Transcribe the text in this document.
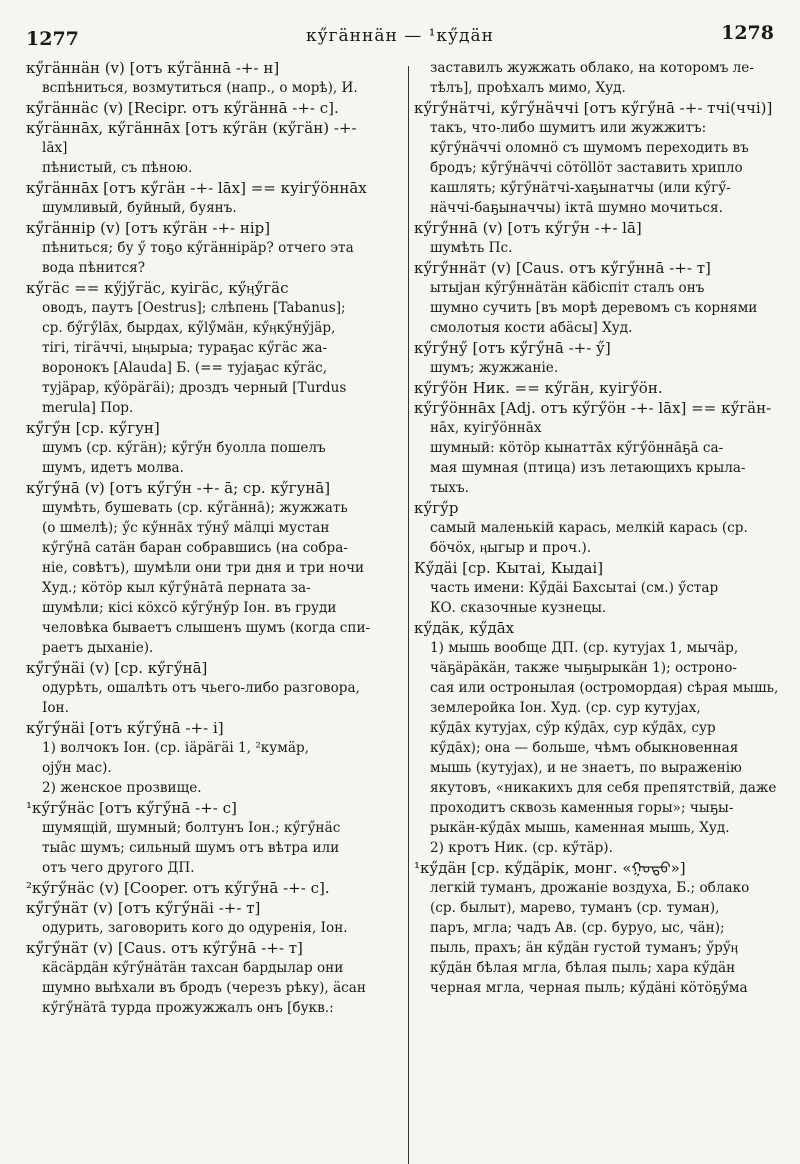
1277	кӳгäннäн — ¹кӳдäн	1278
кӳгäннäн (v) [отъ кӳгäннā -+- н]
вспѣниться, возмутиться (напр., о морѣ), И.
кӳгäннäс (v) [Recipr. отъ кӳгäннā -+- с].
кӳгäннāх, кӳгäннāх [отъ кӳгäн (кӳгäн) -+-
lāх]
пѣнистый, съ пѣною.
кӳгäннāх [отъ кӳгäн -+- lāх] == куiгӳӧннāх
шумливый, буйный, буянъ.
кӳгäннiр (v) [отъ кӳгäн -+- нiр]
пѣниться; бу ӳ тоҕо кӳгäннiрäр? отчего эта
вода пѣнится?
кӳгäс == кӳјӳгäс, куiгäс, кӳӊӳгäс
оводъ, паутъ [Oestrus]; слѣпень [Tabanus];
ср. бӳгӳlāх, бырдах, кӳlӳмäн, кӳӊкӳнӳјäр,
тiгi, тiгäччi, ыӊырыа; тураҕас кӳгäс жа-
воронокъ [Alauda] Б. (== тујаҕас кӳгäс,
тујäрар, кӳӧрäгäi); дроздъ черный [Turdus
merula] Пор.
кӳгӳн [ср. кӳгун]
шумъ (ср. кӳгäн); кӳгӳн буолла пошелъ
шумъ, идетъ молва.
кӳгӳнā (v) [отъ кӳгӳн -+- ā; ср. кӳгунā]
шумѣть, бушевать (ср. кӳгäннā); жужжать
(о шмелѣ); ӳс кӳннāх тӳнӳ мäлџi мустан
кӳгӳнā сатäн баран собравшись (на собра-
нiе, совѣтъ), шумѣли они три дня и три ночи
Худ.; кӧтӧр кыл кӳгӳнāтā перната за-
шумѣли; кiсi кӧхсӧ кӳгӳнӳр Іон. въ груди
человѣка бываетъ слышенъ шумъ (когда спи-
раетъ дыханiе).
кӳгӳнäi (v) [ср. кӳгӳнā]
одурѣть, ошалѣть отъ чьего-либо разговора,
Іон.
кӳгӳнäi [отъ кӳгӳнā -+- i]
1) волчокъ Іон. (ср. iäрäгäi 1, ²кумäр,
оjӳн мас).
2) женское прозвище.
¹кӳгӳнäс [отъ кӳгӳнā -+- с]
шумящiй, шумный; болтунъ Іон.; кӳгӳнäс
тыāс шумъ; сильный шумъ отъ вѣтра или
отъ чего другого ДП.
²кӳгӳнäс (v) [Cooper. отъ кӳгӳнā -+- с].
кӳгӳнäт (v) [отъ кӳгӳнäi -+- т]
одурить, заговорить кого до одуренiя, Іон.
кӳгӳнäт (v) [Caus. отъ кӳгӳнā -+- т]
кäсäрдäн кӳгӳнäтäн тахсан бардылар они
шумно выѣхали въ бродъ (черезъ рѣку), äсан
кӳгӳнäтā турда прожужжалъ онъ [букв.:
заставилъ жужжать облако, на которомъ ле-
тѣлъ], проѣхалъ мимо, Худ.
кӳгӳнäтчi, кӳгӳнäччi [отъ кӳгӳнā -+- тчi(ччi)]
такъ, что-либо шумитъ или жужжитъ:
кӳгӳнäччi оломнӧ съ шумомъ переходить въ
бродъ; кӳгӳнäччi сӧтӧllӧт заставить хрипло
кашлять; кӳгӳнäтчi-хаҕынатчы (или кӳгӳ-
нäччi-баҕыначчы) iктā шумно мочиться.
кӳгӳннā (v) [отъ кӳгӳн -+- lā]
шумѣть Пс.
кӳгӳннäт (v) [Caus. отъ кӳгӳннā -+- т]
ытыјан кӳгӳннäтäн кäбiспiт сталъ онъ
шумно сучить [въ морѣ деревомъ съ корнями
смолотыя кости абäсы] Худ.
кӳгӳнӳ [отъ кӳгӳнā -+- ӳ]
шумъ; жужжанiе.
кӳгӳӧн Ник. == кӳгäн, куiгӳӧн.
кӳгӳӧннāх [Adj. отъ кӳгӳӧн -+- lāх] == кӳгäн-
нāх, куiгӳӧннāх
шумный: кӧтӧр кынаттāх кӳгӳӧннāҕā са-
мая шумная (птица) изъ летающихъ крыла-
тыхъ.
кӳгӳр
самый маленькiй карась, мелкiй карась (ср.
бӧчӧх, ӊыгыр и проч.).
Кӳдäi [ср. Кытаi, Кыдаi]
часть имени: Кӳдäi Бахсытаi (см.) ӳстар
КО. сказочные кузнецы.
кӳдäк, кӳдāх
1) мышь вообще ДП. (ср. кутујах 1, мычäр,
чäҕäрäкäн, также чыҕырыкäн 1); остроно-
сая или остронылая (остромордая) сѣрая мышь,
землеройка Іон. Худ. (ср. сур кутујах,
кӳдāх кутујах, сӳр кӳдāх, сур кӳдāх, сур
кӳдāх); она — больше, чѣмъ обыкновенная
мышь (кутујах), и не знаетъ, по выраженiю
якутовъ, «никакихъ для себя препятствiй, даже
проходитъ сквозь каменныя горы»; чыҕы-
рыкäн-кӳдāх мышь, каменная мышь, Худ.
2) кротъ Ник. (ср. кӳтäр).
¹кӳдäн [ср. кӳдäрiк, монг. «ᠭᠤᠳᠤ»]
легкiй туманъ, дрожанiе воздуха, Б.; облако
(ср. былыт), марево, туманъ (ср. туман),
паръ, мгла; чадъ Ав. (ср. буруо, ыс, чäн);
пыль, прахъ; äн кӳдäн густой туманъ; ӳрӳӊ
кӳдäн бѣлая мгла, бѣлая пыль; хара кӳдäн
черная мгла, черная пыль; кӳдäнi кӧтӧҕӳма
